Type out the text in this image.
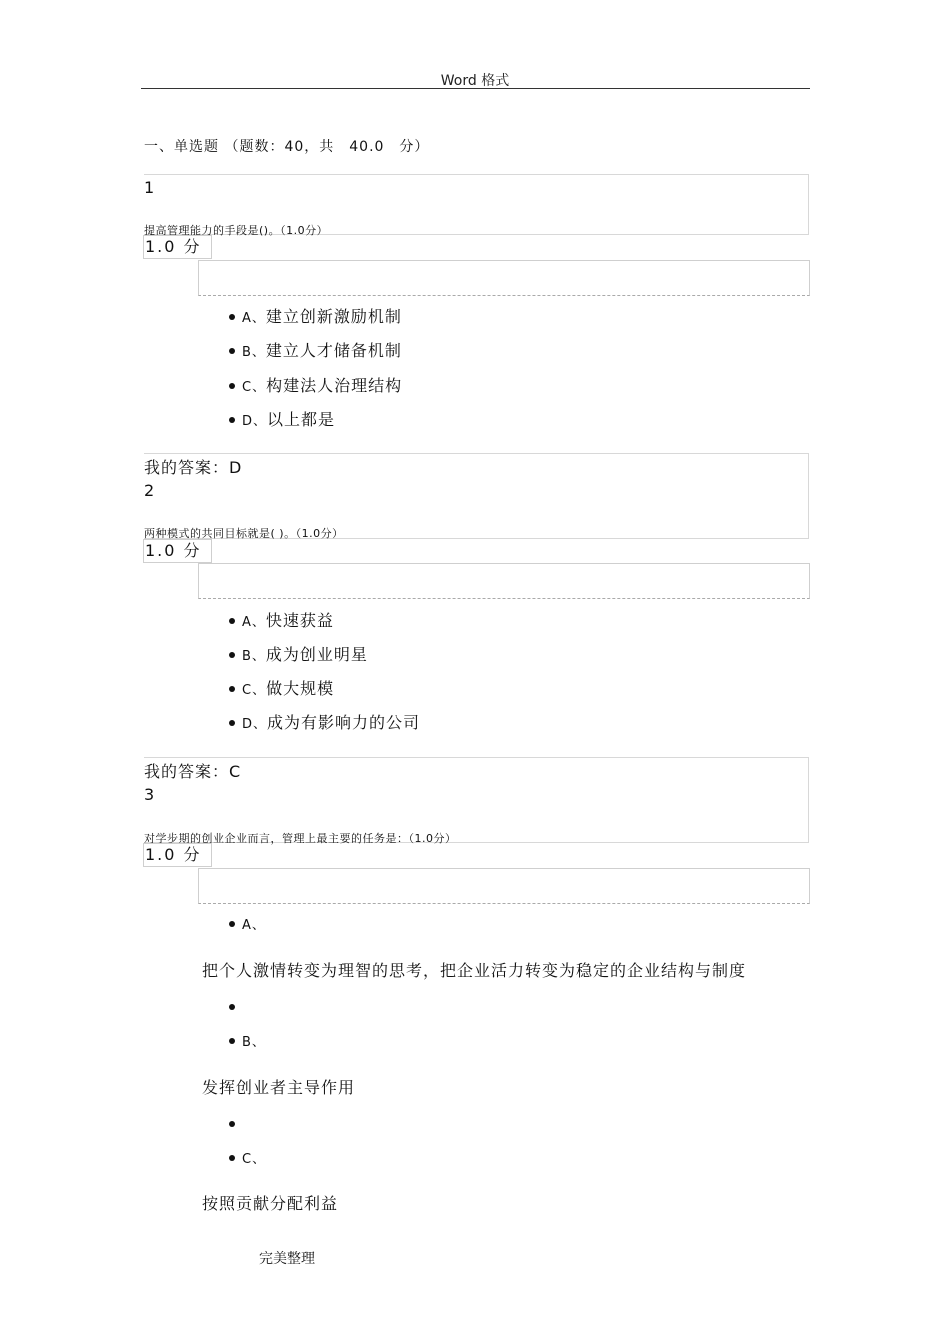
Word 格式
一、单选题 （题数：40，共　40.0　分）
1
提高管理能力的手段是()。（1.0分）
1.0 分
A、建立创新激励机制
B、建立人才储备机制
C、构建法人治理结构
D、以上都是
我的答案：D
2
两种模式的共同目标就是( )。（1.0分）
1.0 分
A、快速获益
B、成为创业明星
C、做大规模
D、成为有影响力的公司
我的答案：C
3
对学步期的创业企业而言，管理上最主要的任务是：（1.0分）
1.0 分
A、
把个人激情转变为理智的思考，把企业活力转变为稳定的企业结构与制度
B、
发挥创业者主导作用
C、
按照贡献分配利益
完美整理
